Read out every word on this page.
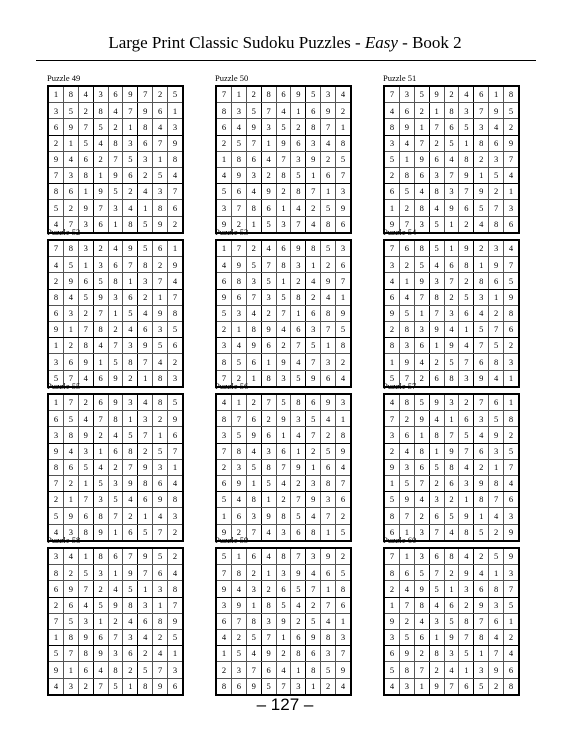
Large Print Classic Sudoku Puzzles - Easy - Book 2
Puzzle 49
1	8	4	3	6	9	7	2	5
3	5	2	8	4	7	9	6	1
6	9	7	5	2	1	8	4	3
2	1	5	4	8	3	6	7	9
9	4	6	2	7	5	3	1	8
7	3	8	1	9	6	2	5	4
8	6	1	9	5	2	4	3	7
5	2	9	7	3	4	1	8	6
4	7	3	6	1	8	5	9	2
Puzzle 50
7	1	2	8	6	9	5	3	4
8	3	5	7	4	1	6	9	2
6	4	9	3	5	2	8	7	1
2	5	7	1	9	6	3	4	8
1	8	6	4	7	3	9	2	5
4	9	3	2	8	5	1	6	7
5	6	4	9	2	8	7	1	3
3	7	8	6	1	4	2	5	9
9	2	1	5	3	7	4	8	6
Puzzle 51
7	3	5	9	2	4	6	1	8
4	6	2	1	8	3	7	9	5
8	9	1	7	6	5	3	4	2
3	4	7	2	5	1	8	6	9
5	1	9	6	4	8	2	3	7
2	8	6	3	7	9	1	5	4
6	5	4	8	3	7	9	2	1
1	2	8	4	9	6	5	7	3
9	7	3	5	1	2	4	8	6
Puzzle 52
7	8	3	2	4	9	5	6	1
4	5	1	3	6	7	8	2	9
2	9	6	5	8	1	3	7	4
8	4	5	9	3	6	2	1	7
6	3	2	7	1	5	4	9	8
9	1	7	8	2	4	6	3	5
1	2	8	4	7	3	9	5	6
3	6	9	1	5	8	7	4	2
5	7	4	6	9	2	1	8	3
Puzzle 53
1	7	2	4	6	9	8	5	3
4	9	5	7	8	3	1	2	6
6	8	3	5	1	2	4	9	7
9	6	7	3	5	8	2	4	1
5	3	4	2	7	1	6	8	9
2	1	8	9	4	6	3	7	5
3	4	9	6	2	7	5	1	8
8	5	6	1	9	4	7	3	2
7	2	1	8	3	5	9	6	4
Puzzle 54
7	6	8	5	1	9	2	3	4
3	2	5	4	6	8	1	9	7
4	1	9	3	7	2	8	6	5
6	4	7	8	2	5	3	1	9
9	5	1	7	3	6	4	2	8
2	8	3	9	4	1	5	7	6
8	3	6	1	9	4	7	5	2
1	9	4	2	5	7	6	8	3
5	7	2	6	8	3	9	4	1
Puzzle 55
1	7	2	6	9	3	4	8	5
6	5	4	7	8	1	3	2	9
3	8	9	2	4	5	7	1	6
9	4	3	1	6	8	2	5	7
8	6	5	4	2	7	9	3	1
7	2	1	5	3	9	8	6	4
2	1	7	3	5	4	6	9	8
5	9	6	8	7	2	1	4	3
4	3	8	9	1	6	5	7	2
Puzzle 56
4	1	2	7	5	8	6	9	3
8	7	6	2	9	3	5	4	1
3	5	9	6	1	4	7	2	8
7	8	4	3	6	1	2	5	9
2	3	5	8	7	9	1	6	4
6	9	1	5	4	2	3	8	7
5	4	8	1	2	7	9	3	6
1	6	3	9	8	5	4	7	2
9	2	7	4	3	6	8	1	5
Puzzle 57
4	8	5	9	3	2	7	6	1
7	2	9	4	1	6	3	5	8
3	6	1	8	7	5	4	9	2
2	4	8	1	9	7	6	3	5
9	3	6	5	8	4	2	1	7
1	5	7	2	6	3	9	8	4
5	9	4	3	2	1	8	7	6
8	7	2	6	5	9	1	4	3
6	1	3	7	4	8	5	2	9
Puzzle 58
3	4	1	8	6	7	9	5	2
8	2	5	3	1	9	7	6	4
6	9	7	2	4	5	1	3	8
2	6	4	5	9	8	3	1	7
7	5	3	1	2	4	6	8	9
1	8	9	6	7	3	4	2	5
5	7	8	9	3	6	2	4	1
9	1	6	4	8	2	5	7	3
4	3	2	7	5	1	8	9	6
Puzzle 59
5	1	6	4	8	7	3	9	2
7	8	2	1	3	9	4	6	5
9	4	3	2	6	5	7	1	8
3	9	1	8	5	4	2	7	6
6	7	8	3	9	2	5	4	1
4	2	5	7	1	6	9	8	3
1	5	4	9	2	8	6	3	7
2	3	7	6	4	1	8	5	9
8	6	9	5	7	3	1	2	4
Puzzle 60
7	1	3	6	8	4	2	5	9
8	6	5	7	2	9	4	1	3
2	4	9	5	1	3	6	8	7
1	7	8	4	6	2	9	3	5
9	2	4	3	5	8	7	6	1
3	5	6	1	9	7	8	4	2
6	9	2	8	3	5	1	7	4
5	8	7	2	4	1	3	9	6
4	3	1	9	7	6	5	2	8
– 127 –
